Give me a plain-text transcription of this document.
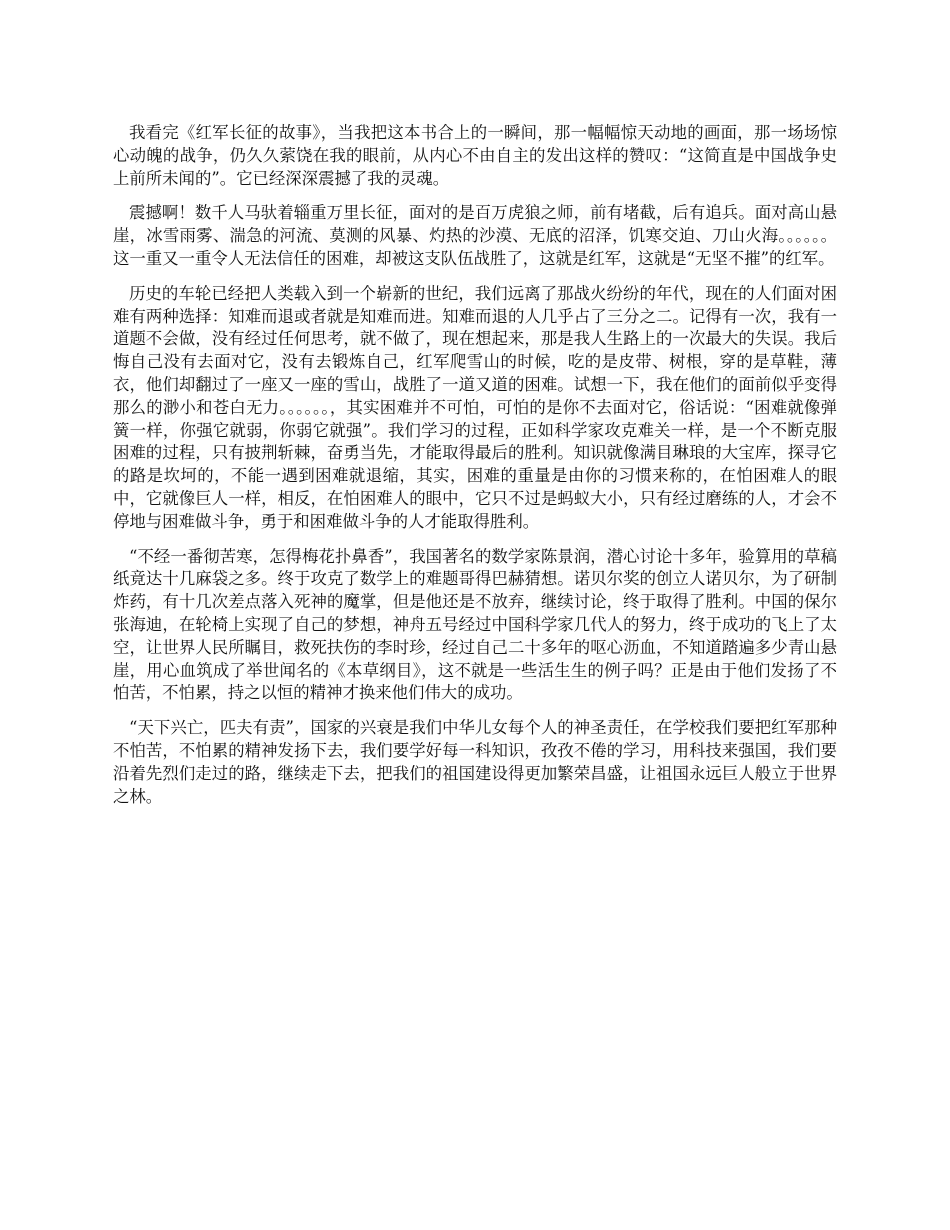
我看完《红军长征的故事》，当我把这本书合上的一瞬间，那一幅幅惊天动地的画面，那一场场惊心动魄的战争，仍久久萦饶在我的眼前，从内心不由自主的发出这样的赞叹：“这简直是中国战争史上前所未闻的”。它已经深深震撼了我的灵魂。

震撼啊！数千人马驮着辎重万里长征，面对的是百万虎狼之师，前有堵截，后有追兵。面对高山悬崖，冰雪雨雾、湍急的河流、莫测的风暴、灼热的沙漠、无底的沼泽，饥寒交迫、刀山火海。。。。。。这一重又一重令人无法信任的困难，却被这支队伍战胜了，这就是红军，这就是“无坚不摧”的红军。

历史的车轮已经把人类载入到一个崭新的世纪，我们远离了那战火纷纷的年代，现在的人们面对困难有两种选择：知难而退或者就是知难而进。知难而退的人几乎占了三分之二。记得有一次，我有一道题不会做，没有经过任何思考，就不做了，现在想起来，那是我人生路上的一次最大的失误。我后悔自己没有去面对它，没有去锻炼自己，红军爬雪山的时候，吃的是皮带、树根，穿的是草鞋，薄衣，他们却翻过了一座又一座的雪山，战胜了一道又道的困难。试想一下，我在他们的面前似乎变得那么的渺小和苍白无力。。。。。。，其实困难并不可怕，可怕的是你不去面对它，俗话说：“困难就像弹簧一样，你强它就弱，你弱它就强”。我们学习的过程，正如科学家攻克难关一样，是一个不断克服困难的过程，只有披荆斩棘，奋勇当先，才能取得最后的胜利。知识就像满目琳琅的大宝库，探寻它的路是坎坷的，不能一遇到困难就退缩，其实，困难的重量是由你的习惯来称的，在怕困难人的眼中，它就像巨人一样，相反，在怕困难人的眼中，它只不过是蚂蚁大小，只有经过磨练的人，才会不停地与困难做斗争，勇于和困难做斗争的人才能取得胜利。

“不经一番彻苦寒，怎得梅花扑鼻香”，我国著名的数学家陈景润，潜心讨论十多年，验算用的草稿纸竟达十几麻袋之多。终于攻克了数学上的难题哥得巴赫猜想。诺贝尔奖的创立人诺贝尔，为了研制炸药，有十几次差点落入死神的魔掌，但是他还是不放弃，继续讨论，终于取得了胜利。中国的保尔张海迪，在轮椅上实现了自己的梦想，神舟五号经过中国科学家几代人的努力，终于成功的飞上了太空，让世界人民所瞩目，救死扶伤的李时珍，经过自己二十多年的呕心沥血，不知道踏遍多少青山悬崖，用心血筑成了举世闻名的《本草纲目》，这不就是一些活生生的例子吗？正是由于他们发扬了不怕苦，不怕累，持之以恒的精神才换来他们伟大的成功。

“天下兴亡，匹夫有责”，国家的兴衰是我们中华儿女每个人的神圣责任，在学校我们要把红军那种不怕苦，不怕累的精神发扬下去，我们要学好每一科知识，孜孜不倦的学习，用科技来强国，我们要沿着先烈们走过的路，继续走下去，把我们的祖国建设得更加繁荣昌盛，让祖国永远巨人般立于世界之林。
